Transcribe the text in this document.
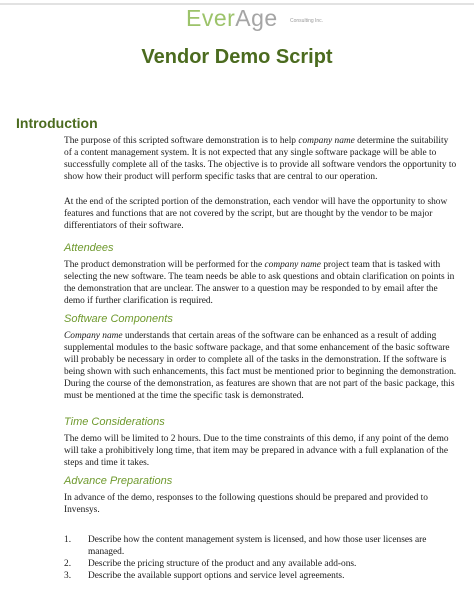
EverAge Consulting Inc.
Vendor Demo Script
Introduction

The purpose of this scripted software demonstration is to help company name determine the suitability of a content management system. It is not expected that any single software package will be able to successfully complete all of the tasks. The objective is to provide all software vendors the opportunity to show how their product will perform specific tasks that are central to our operation.

At the end of the scripted portion of the demonstration, each vendor will have the opportunity to show features and functions that are not covered by the script, but are thought by the vendor to be major differentiators of their software.

Attendees

The product demonstration will be performed for the company name project team that is tasked with selecting the new software. The team needs be able to ask questions and obtain clarification on points in the demonstration that are unclear. The answer to a question may be responded to by email after the demo if further clarification is required.

Software Components

Company name understands that certain areas of the software can be enhanced as a result of adding supplemental modules to the basic software package, and that some enhancement of the basic software will probably be necessary in order to complete all of the tasks in the demonstration. If the software is being shown with such enhancements, this fact must be mentioned prior to beginning the demonstration. During the course of the demonstration, as features are shown that are not part of the basic package, this must be mentioned at the time the specific task is demonstrated.

Time Considerations

The demo will be limited to 2 hours. Due to the time constraints of this demo, if any point of the demo will take a prohibitively long time, that item may be prepared in advance with a full explanation of the steps and time it takes.

Advance Preparations

In advance of the demo, responses to the following questions should be prepared and provided to Invensys.

1. Describe how the content management system is licensed, and how those user licenses are managed.
2. Describe the pricing structure of the product and any available add-ons.
3. Describe the available support options and service level agreements.
